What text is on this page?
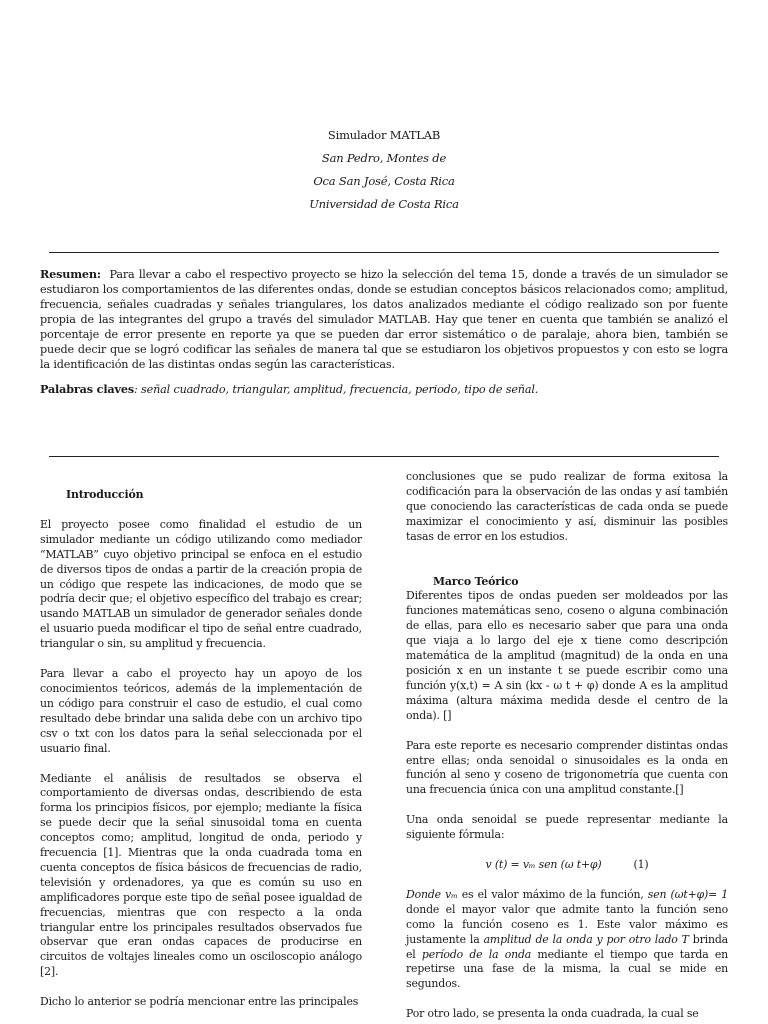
Simulador MATLAB
San Pedro, Montes de
Oca San José, Costa Rica
Universidad de Costa Rica
Resumen: Para llevar a cabo el respectivo proyecto se hizo la selección del tema 15, donde a través de un simulador se estudiaron los comportamientos de las diferentes ondas, donde se estudian conceptos básicos relacionados como; amplitud, frecuencia, señales cuadradas y señales triangulares, los datos analizados mediante el código realizado son por fuente propia de las integrantes del grupo a través del simulador MATLAB. Hay que tener en cuenta que también se analizó el porcentaje de error presente en reporte ya que se pueden dar error sistemático o de paralaje, ahora bien, también se puede decir que se logró codificar las señales de manera tal que se estudiaron los objetivos propuestos y con esto se logra la identificación de las distintas ondas según las características.
Palabras claves: señal cuadrado, triangular, amplitud, frecuencia, periodo, tipo de señal.

Introducción

El proyecto posee como finalidad el estudio de un simulador mediante un código utilizando como mediador “MATLAB” cuyo objetivo principal se enfoca en el estudio de diversos tipos de ondas a partir de la creación propia de un código que respete las indicaciones, de modo que se podría decir que; el objetivo específico del trabajo es crear; usando MATLAB un simulador de generador señales donde el usuario pueda modificar el tipo de señal entre cuadrado, triangular o sin, su amplitud y frecuencia.

Para llevar a cabo el proyecto hay un apoyo de los conocimientos teóricos, además de la implementación de un código para construir el caso de estudio, el cual como resultado debe brindar una salida debe con un archivo tipo csv o txt con los datos para la señal seleccionada por el usuario final.

Mediante el análisis de resultados se observa el comportamiento de diversas ondas, describiendo de esta forma los principios físicos, por ejemplo; mediante la física se puede decir que la señal sinusoidal toma en cuenta conceptos como; amplitud, longitud de onda, periodo y frecuencia [1]. Mientras que la onda cuadrada toma en cuenta conceptos de física básicos de frecuencias de radio, televisión y ordenadores, ya que es común su uso en amplificadores porque este tipo de señal posee igualdad de frecuencias, mientras que con respecto a la onda triangular entre los principales resultados observados fue observar que eran ondas capaces de producirse en circuitos de voltajes lineales como un osciloscopio análogo [2].

Dicho lo anterior se podría mencionar entre las principales

conclusiones que se pudo realizar de forma exitosa la codificación para la observación de las ondas y así también que conociendo las características de cada onda se puede maximizar el conocimiento y así, disminuir las posibles tasas de error en los estudios.

Marco Teórico

Diferentes tipos de ondas pueden ser moldeados por las funciones matemáticas seno, coseno o alguna combinación de ellas, para ello es necesario saber que para una onda que viaja a lo largo del eje x tiene como descripción matemática de la amplitud (magnitud) de la onda en una posición x en un instante t se puede escribir como una función y(x,t) = A sin (kx - ω t + φ) donde A es la amplitud máxima (altura máxima medida desde el centro de la onda). []

Para este reporte es necesario comprender distintas ondas entre ellas; onda senoidal o sinusoidales es la onda en función al seno y coseno de trigonometría que cuenta con una frecuencia única con una amplitud constante.[]

Una onda senoidal se puede representar mediante la siguiente fórmula:

v (t) = vₘ sen (ω t+φ)	(1)

Donde vₘ es el valor máximo de la función, sen (ωt+φ)= 1 donde el mayor valor que admite tanto la función seno como la función coseno es 1. Este valor máximo es justamente la amplitud de la onda y por otro lado T brinda el período de la onda mediante el tiempo que tarda en repetirse una fase de la misma, la cual se mide en segundos.

Por otro lado, se presenta la onda cuadrada, la cual se
